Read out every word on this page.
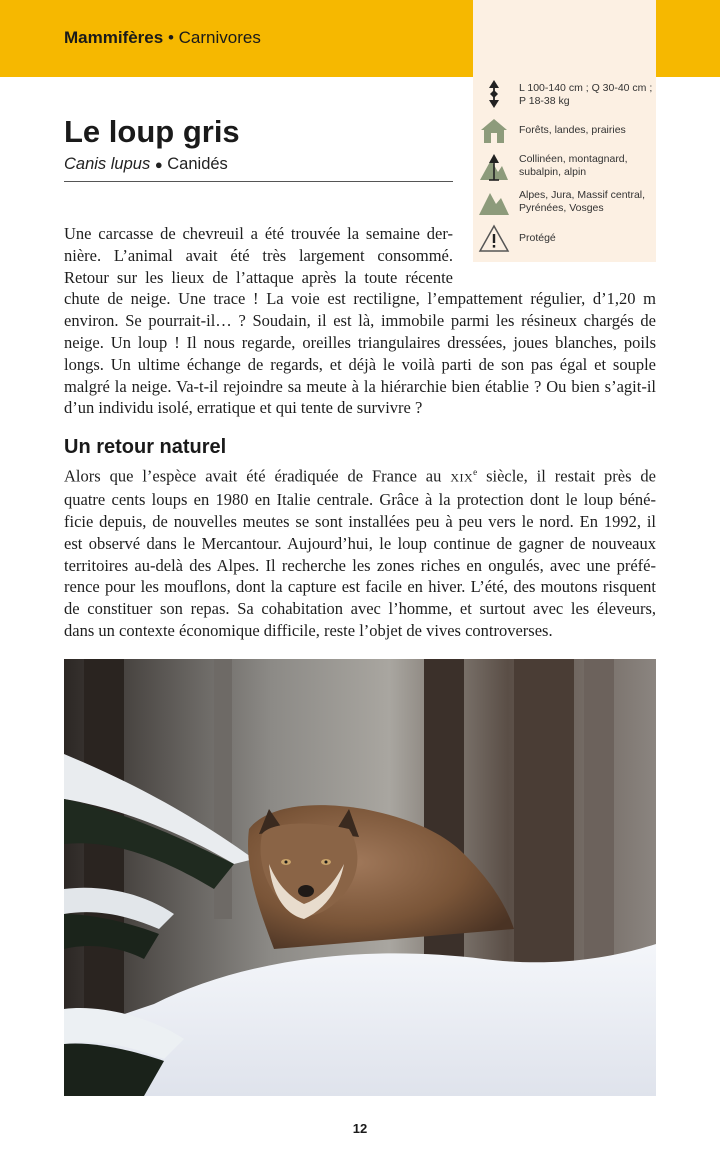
Mammifères • Carnivores
L 100-140 cm ; Q 30-40 cm ;
P 18-38 kg
Forêts, landes, prairies
Collinéen, montagnard,
subalpin, alpin
Alpes, Jura, Massif central,
Pyrénées, Vosges
Protégé
Le loup gris
Canis lupus ● Canidés

Une carcasse de chevreuil a été trouvée la semaine der-
nière. L’animal avait été très largement consommé.
Retour sur les lieux de l’attaque après la toute récente
chute de neige. Une trace ! La voie est rectiligne, l’empattement régulier, d’1,20 m
environ. Se pourrait-il… ? Soudain, il est là, immobile parmi les résineux chargés de
neige. Un loup ! Il nous regarde, oreilles triangulaires dressées, joues blanches, poils
longs. Un ultime échange de regards, et déjà le voilà parti de son pas égal et souple
malgré la neige. Va-t-il rejoindre sa meute à la hiérarchie bien établie ? Ou bien s’agit-il
d’un individu isolé, erratique et qui tente de survivre ?

Un retour naturel

Alors que l’espèce avait été éradiquée de France au XIXe siècle, il restait près de
quatre cents loups en 1980 en Italie centrale. Grâce à la protection dont le loup béné-
ficie depuis, de nouvelles meutes se sont installées peu à peu vers le nord. En 1992, il
est observé dans le Mercantour. Aujourd’hui, le loup continue de gagner de nouveaux
territoires au-delà des Alpes. Il recherche les zones riches en ongulés, avec une préfé-
rence pour les mouflons, dont la capture est facile en hiver. L’été, des moutons risquent
de constituer son repas. Sa cohabitation avec l’homme, et surtout avec les éleveurs,
dans un contexte économique difficile, reste l’objet de vives controverses.

12
